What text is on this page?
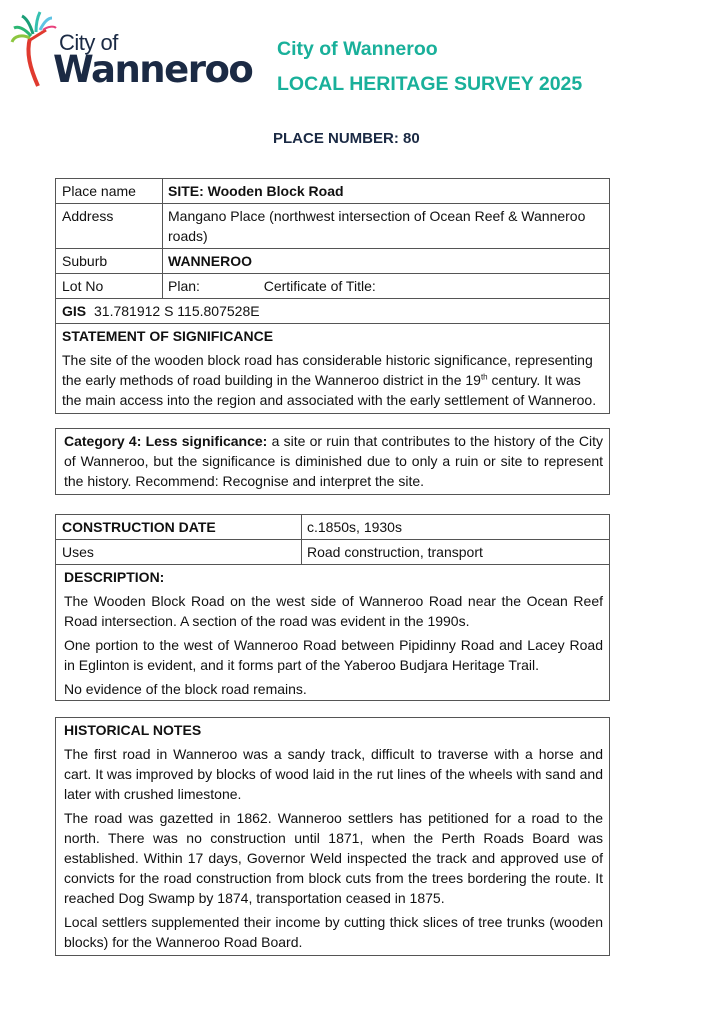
City of
Wanneroo City of Wanneroo
LOCAL HERITAGE SURVEY 2025
PLACE NUMBER: 80
Place name	SITE: Wooden Block Road
Address	Mangano Place (northwest intersection of Ocean Reef & Wanneroo roads)
Suburb	WANNEROO
Lot No	Plan:	Certificate of Title:
GIS 31.781912 S 115.807528E

STATEMENT OF SIGNIFICANCE

The site of the wooden block road has considerable historic significance, representing the early methods of road building in the Wanneroo district in the 19th century. It was the main access into the region and associated with the early settlement of Wanneroo.

Category 4: Less significance: a site or ruin that contributes to the history of the City of Wanneroo, but the significance is diminished due to only a ruin or site to represent the history. Recommend: Recognise and interpret the site.
CONSTRUCTION DATE	c.1850s, 1930s
Uses	Road construction, transport

DESCRIPTION:

The Wooden Block Road on the west side of Wanneroo Road near the Ocean Reef Road intersection. A section of the road was evident in the 1990s.

One portion to the west of Wanneroo Road between Pipidinny Road and Lacey Road in Eglinton is evident, and it forms part of the Yaberoo Budjara Heritage Trail.

No evidence of the block road remains.

HISTORICAL NOTES

The first road in Wanneroo was a sandy track, difficult to traverse with a horse and cart. It was improved by blocks of wood laid in the rut lines of the wheels with sand and later with crushed limestone.

The road was gazetted in 1862. Wanneroo settlers has petitioned for a road to the north. There was no construction until 1871, when the Perth Roads Board was established. Within 17 days, Governor Weld inspected the track and approved use of convicts for the road construction from block cuts from the trees bordering the route. It reached Dog Swamp by 1874, transportation ceased in 1875.

Local settlers supplemented their income by cutting thick slices of tree trunks (wooden blocks) for the Wanneroo Road Board.
